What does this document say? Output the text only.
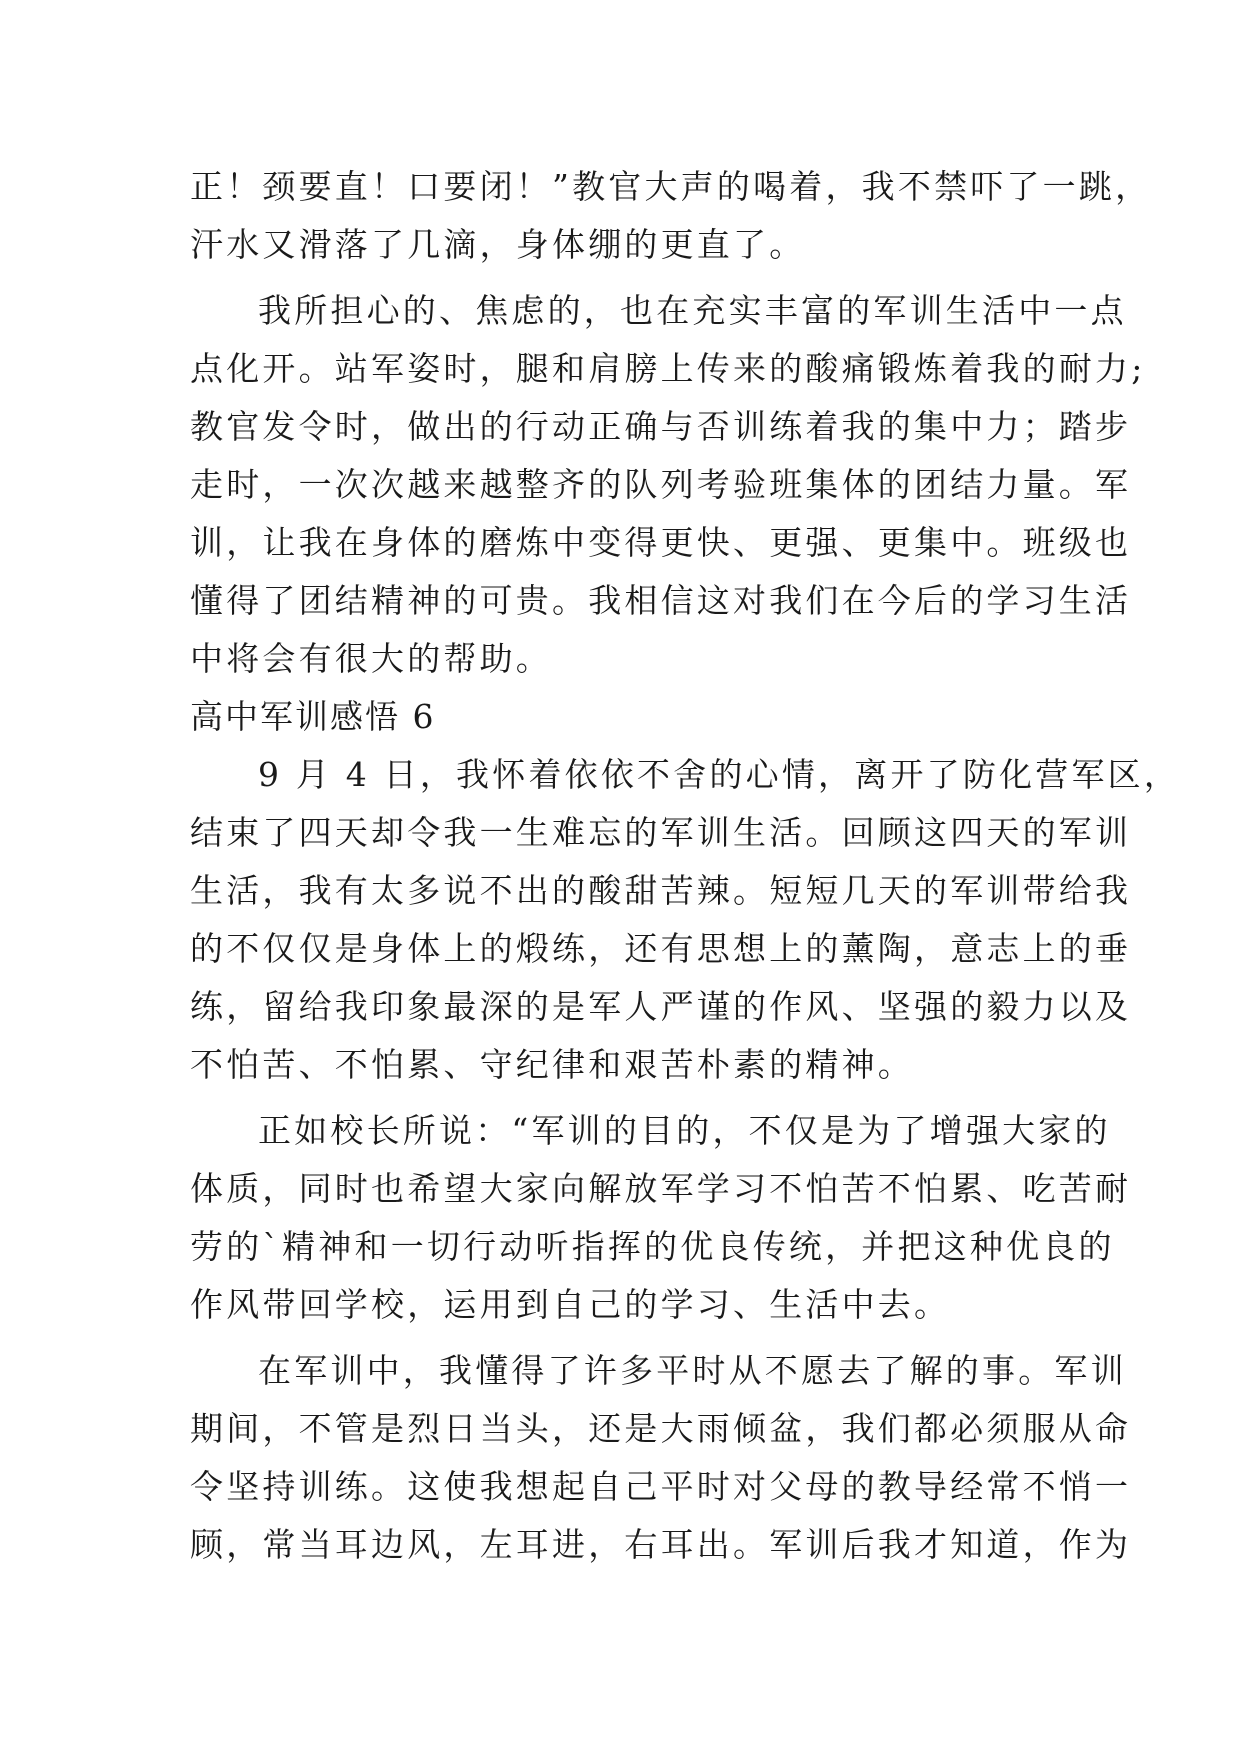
正！颈要直！口要闭！”教官大声的喝着，我不禁吓了一跳，
汗水又滑落了几滴，身体绷的更直了。
我所担心的、焦虑的，也在充实丰富的军训生活中一点
点化开。站军姿时，腿和肩膀上传来的酸痛锻炼着我的耐力;
教官发令时，做出的行动正确与否训练着我的集中力；踏步
走时，一次次越来越整齐的队列考验班集体的团结力量。军
训，让我在身体的磨炼中变得更快、更强、更集中。班级也
懂得了团结精神的可贵。我相信这对我们在今后的学习生活
中将会有很大的帮助。
高中军训感悟 6
9 月 4 日，我怀着依依不舍的心情，离开了防化营军区，
结束了四天却令我一生难忘的军训生活。回顾这四天的军训
生活，我有太多说不出的酸甜苦辣。短短几天的军训带给我
的不仅仅是身体上的煅练，还有思想上的薰陶，意志上的垂
练，留给我印象最深的是军人严谨的作风、坚强的毅力以及
不怕苦、不怕累、守纪律和艰苦朴素的精神。
正如校长所说：“军训的目的，不仅是为了增强大家的
体质，同时也希望大家向解放军学习不怕苦不怕累、吃苦耐
劳的`精神和一切行动听指挥的优良传统，并把这种优良的
作风带回学校，运用到自己的学习、生活中去。
在军训中，我懂得了许多平时从不愿去了解的事。军训
期间，不管是烈日当头，还是大雨倾盆，我们都必须服从命
令坚持训练。这使我想起自己平时对父母的教导经常不悄一
顾，常当耳边风，左耳进，右耳出。军训后我才知道，作为
